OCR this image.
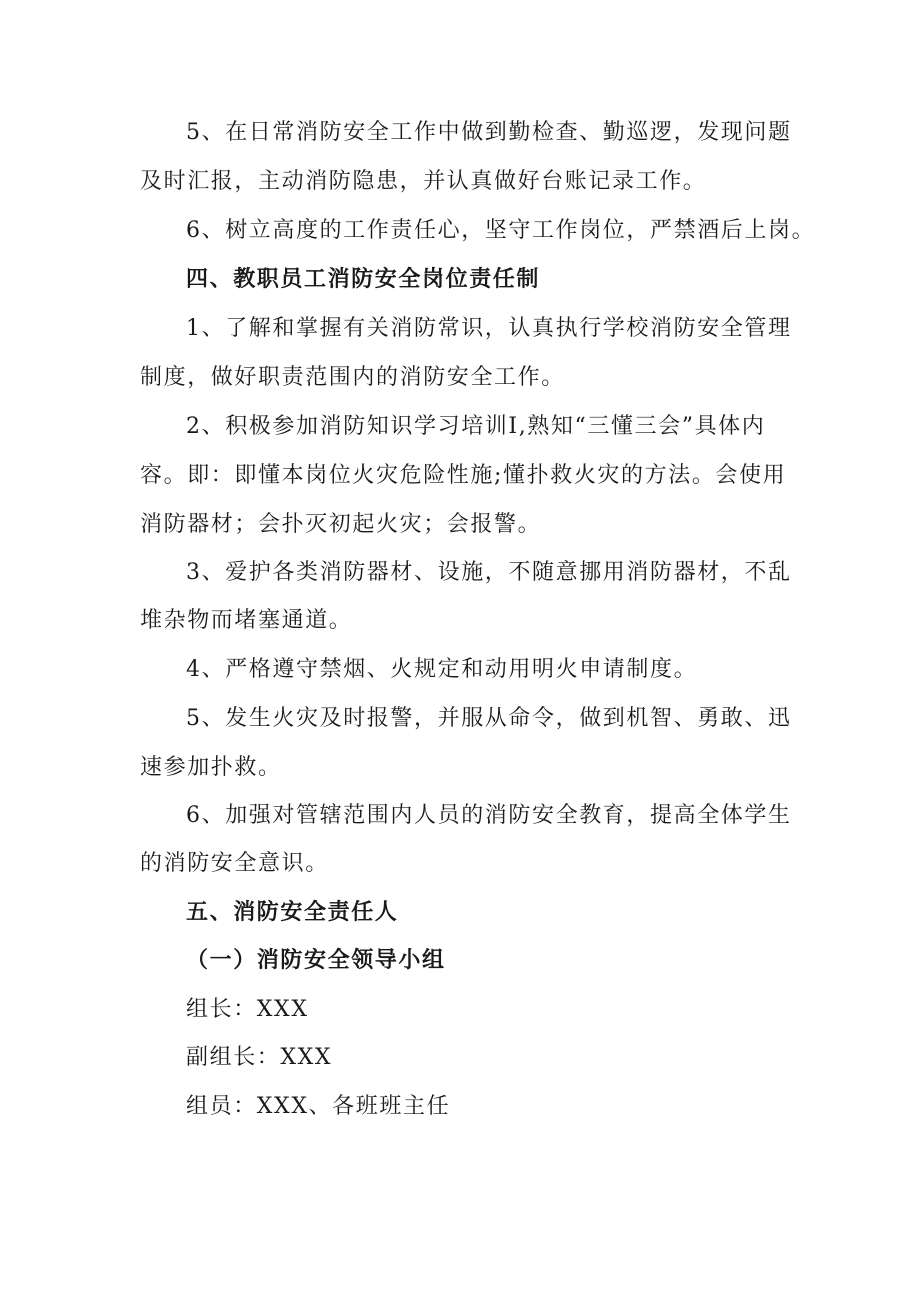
5、在日常消防安全工作中做到勤检查、勤巡逻，发现问题
及时汇报，主动消防隐患，并认真做好台账记录工作。
6、树立高度的工作责任心，坚守工作岗位，严禁酒后上岗。
四、教职员工消防安全岗位责任制
1、了解和掌握有关消防常识，认真执行学校消防安全管理
制度，做好职责范围内的消防安全工作。
2、积极参加消防知识学习培训I,熟知“三懂三会”具体内
容。即：即懂本岗位火灾危险性施;懂扑救火灾的方法。会使用
消防器材；会扑灭初起火灾；会报警。
3、爱护各类消防器材、设施，不随意挪用消防器材，不乱
堆杂物而堵塞通道。
4、严格遵守禁烟、火规定和动用明火申请制度。
5、发生火灾及时报警，并服从命令，做到机智、勇敢、迅
速参加扑救。
6、加强对管辖范围内人员的消防安全教育，提高全体学生
的消防安全意识。
五、消防安全责任人
（一）消防安全领导小组
组长：XXX
副组长：XXX
组员：XXX、各班班主任
